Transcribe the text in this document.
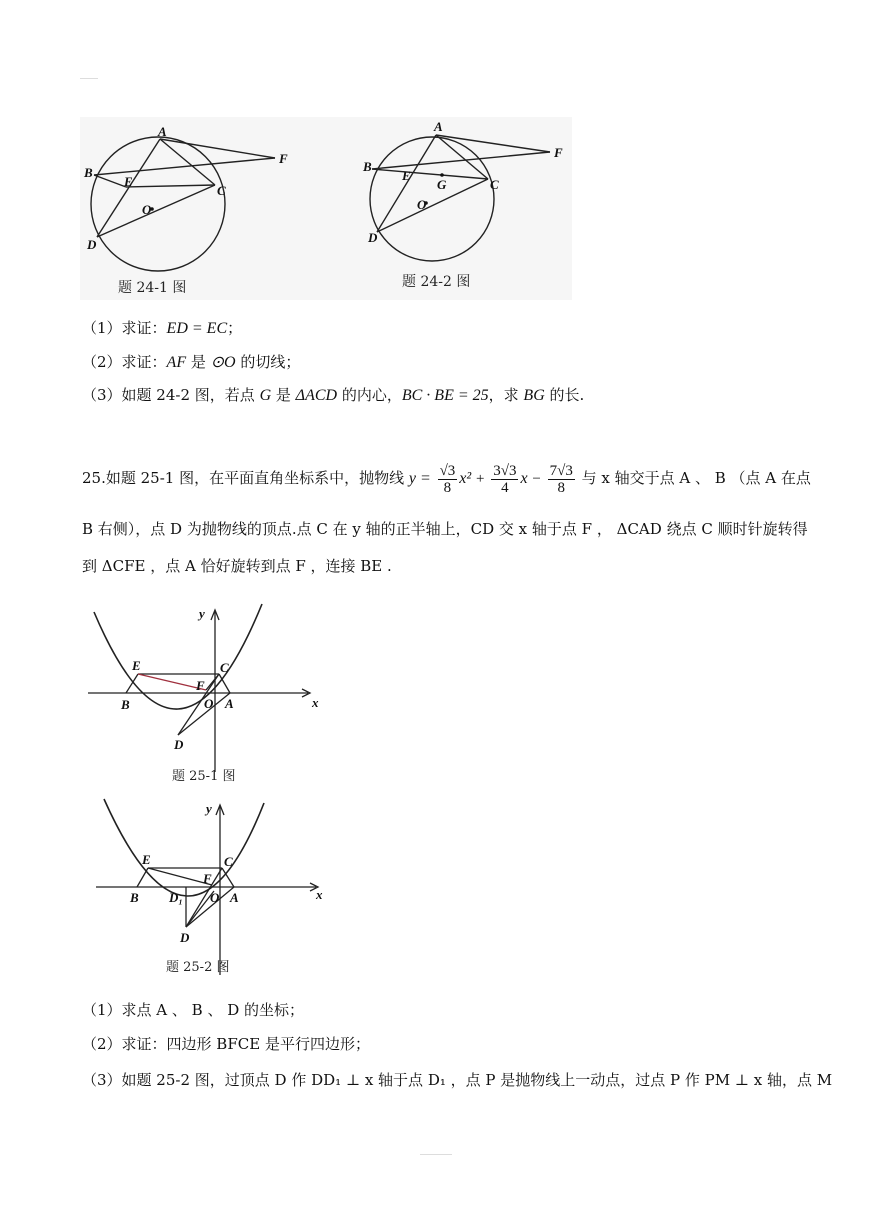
A
B
E
C
F
O
D
A
B
E
G	C
F
O
D
题 24-1 图	题 24-2 图
（1）求证：ED = EC；
（2）求证：AF 是 ⊙O 的切线；
（3）如题 24-2 图，若点 G 是 ΔACD 的内心，BC · BE = 25，求 BG 的长.
25.如题 25-1 图，在平面直角坐标系中，抛物线 $y = \frac{√3}{8} x^2 + \frac{3√3}{4}$ $x - \frac{7√3}{8}$ 与 x 轴交于点 A 、 B （点 A 在点
B 右侧），点 D 为抛物线的顶点.点 C 在 y 轴的正半轴上，CD 交 x 轴于点 F ， ΔCAD 绕点 C 顺时针旋转得
到 ΔCFE ，点 A 恰好旋转到点 F ，连接 BE .
y
E	C
F
B	O A	x
D
题 25-1 图
y
E	C
F
B D₁ O A	x
D
题 25-2 图
（1）求点 A 、 B 、 D 的坐标；
（2）求证：四边形 BFCE 是平行四边形；
（3）如题 25-2 图，过顶点 D 作 DD₁ ⊥ x 轴于点 D₁ ，点 P 是抛物线上一动点，过点 P 作 PM ⊥ x 轴，点 M
